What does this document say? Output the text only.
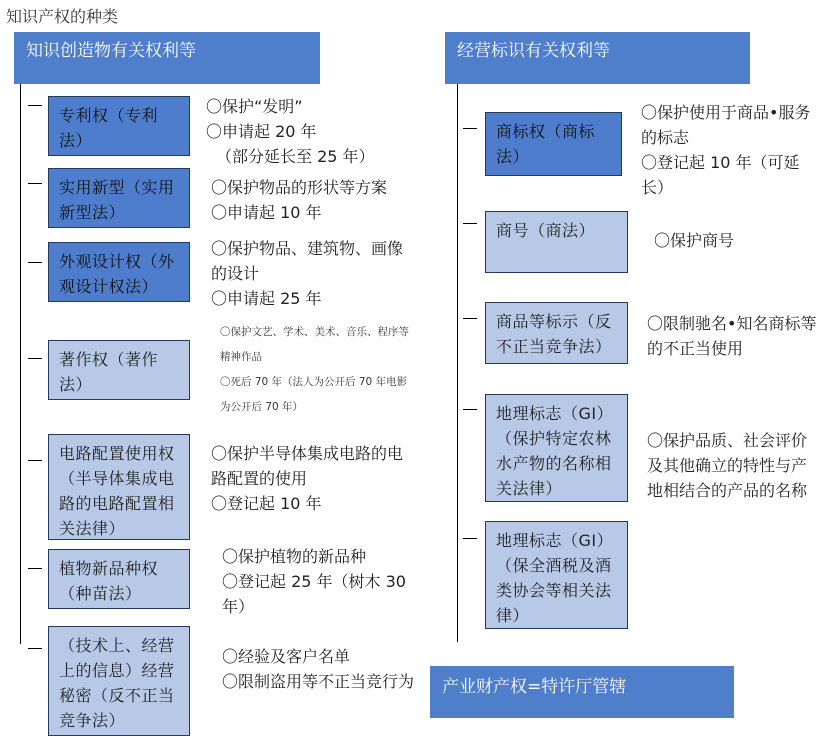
知识产权的种类
知识创造物有关权利等	经营标识有关权利等
专利权（专利法）
实用新型（实用新型法）
外观设计权（外观设计权法）
著作权（著作法）
电路配置使用权（半导体集成电路的电路配置相关法律）
植物新品种权（种苗法）
（技术上、经营上的信息）经营秘密（反不正当竞争法）
〇保护“发明”
〇申请起 20 年
（部分延长至 25 年）
〇保护物品的形状等方案
〇申请起 10 年
〇保护物品、建筑物、画像的设计
〇申请起 25 年
〇保护文艺、学术、美术、音乐、程序等精神作品
〇死后 70 年（法人为公开后 70 年电影为公开后 70 年）
〇保护半导体集成电路的电路配置的使用
〇登记起 10 年
〇保护植物的新品种
〇登记起 25 年（树木 30 年）
〇经验及客户名单
〇限制盗用等不正当竞行为
商标权（商标法）
商号（商法）
商品等标示（反不正当竞争法）
地理标志（GI）（保护特定农林水产物的名称相关法律）
地理标志（GI）（保全酒税及酒类协会等相关法律）
〇保护使用于商品•服务的标志
〇登记起 10 年（可延长）
〇保护商号
〇限制驰名•知名商标等的不正当使用
〇保护品质、社会评价及其他确立的特性与产地相结合的产品的名称
产业财产权=特许厅管辖
